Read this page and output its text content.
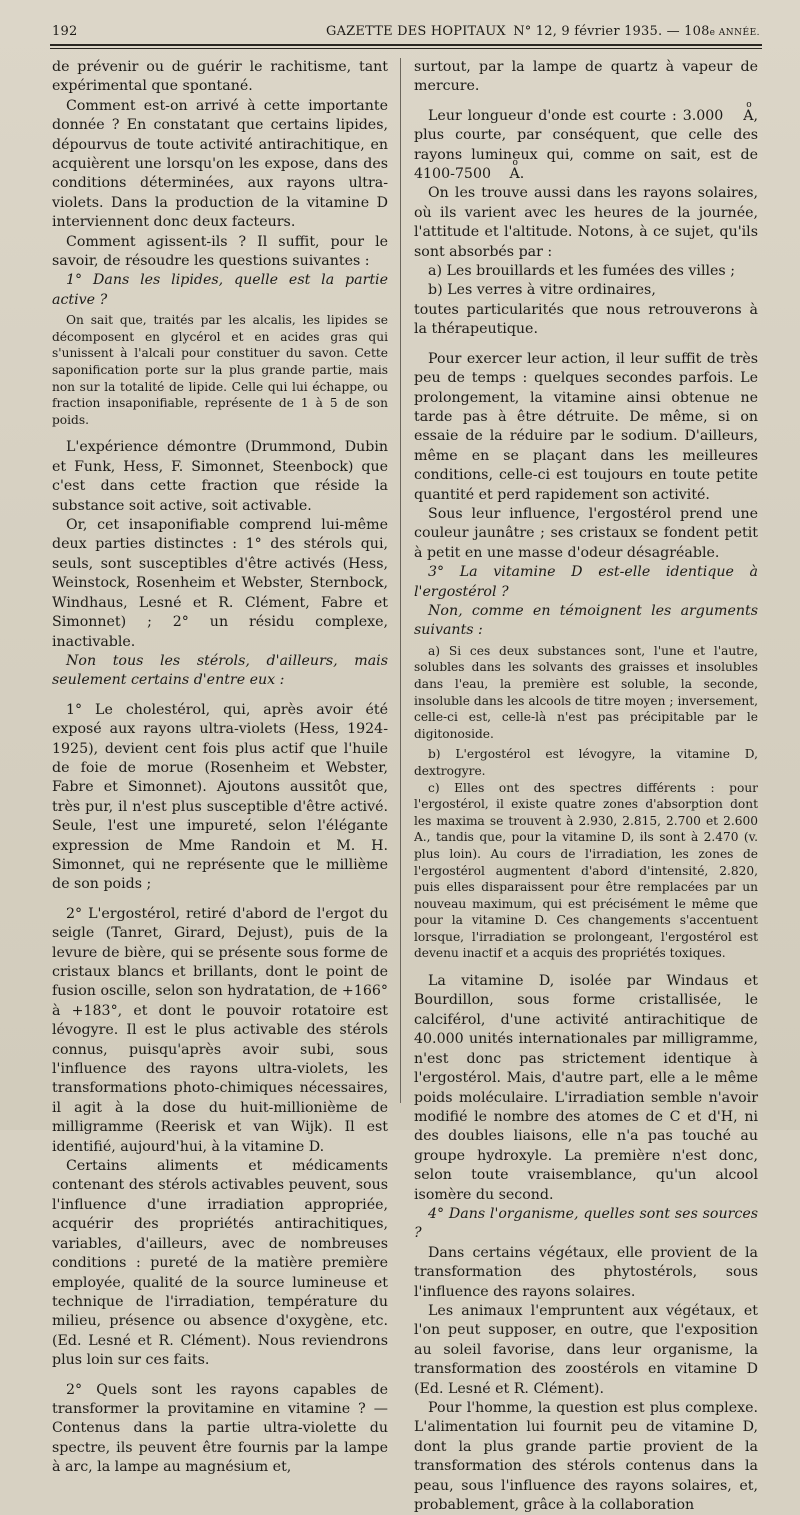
192	GAZETTE DES HOPITAUX N° 12, 9 février 1935. — 108e ANNÉE.

de prévenir ou de guérir le rachitisme, tant expérimental que spontané.

Comment est-on arrivé à cette importante donnée ? En constatant que certains lipides, dépourvus de toute activité antirachitique, en acquièrent une lorsqu'on les expose, dans des conditions déterminées, aux rayons ultra-violets. Dans la production de la vitamine D interviennent donc deux facteurs.

Comment agissent-ils ? Il suffit, pour le savoir, de résoudre les questions suivantes :

1° Dans les lipides, quelle est la partie active ?

On sait que, traités par les alcalis, les lipides se décomposent en glycérol et en acides gras qui s'unissent à l'alcali pour constituer du savon. Cette saponification porte sur la plus grande partie, mais non sur la totalité de lipide. Celle qui lui échappe, ou fraction insaponifiable, représente de 1 à 5 de son poids.

L'expérience démontre (Drummond, Dubin et Funk, Hess, F. Simonnet, Steenbock) que c'est dans cette fraction que réside la substance soit active, soit activable.

Or, cet insaponifiable comprend lui-même deux parties distinctes : 1° des stérols qui, seuls, sont susceptibles d'être activés (Hess, Weinstock, Rosenheim et Webster, Sternbock, Windhaus, Lesné et R. Clément, Fabre et Simonnet) ; 2° un résidu complexe, inactivable.

Non tous les stérols, d'ailleurs, mais seulement certains d'entre eux :

1° Le cholestérol, qui, après avoir été exposé aux rayons ultra-violets (Hess, 1924-1925), devient cent fois plus actif que l'huile de foie de morue (Rosenheim et Webster, Fabre et Simonnet). Ajoutons aussitôt que, très pur, il n'est plus susceptible d'être activé. Seule, l'est une impureté, selon l'élégante expression de Mme Randoin et M. H. Simonnet, qui ne représente que le millième de son poids ;

2° L'ergostérol, retiré d'abord de l'ergot du seigle (Tanret, Girard, Dejust), puis de la levure de bière, qui se présente sous forme de cristaux blancs et brillants, dont le point de fusion oscille, selon son hydratation, de +166° à +183°, et dont le pouvoir rotatoire est lévogyre. Il est le plus activable des stérols connus, puisqu'après avoir subi, sous l'influence des rayons ultra-violets, les transformations photo-chimiques nécessaires, il agit à la dose du huit-millionième de milligramme (Reerisk et van Wijk). Il est identifié, aujourd'hui, à la vitamine D.

Certains aliments et médicaments contenant des stérols activables peuvent, sous l'influence d'une irradiation appropriée, acquérir des propriétés antirachitiques, variables, d'ailleurs, avec de nombreuses conditions : pureté de la matière première employée, qualité de la source lumineuse et technique de l'irradiation, température du milieu, présence ou absence d'oxygène, etc. (Ed. Lesné et R. Clément). Nous reviendrons plus loin sur ces faits.

2° Quels sont les rayons capables de transformer la provitamine en vitamine ? — Contenus dans la partie ultra-violette du spectre, ils peuvent être fournis par la lampe à arc, la lampe au magnésium et,

surtout, par la lampe de quartz à vapeur de mercure.

Leur longueur d'onde est courte : 3.000 o A, plus courte, par conséquent, que celle des rayons lumineux qui, comme on sait, est de 4100-7500 o A.

On les trouve aussi dans les rayons solaires, où ils varient avec les heures de la journée, l'attitude et l'altitude. Notons, à ce sujet, qu'ils sont absorbés par :

a) Les brouillards et les fumées des villes ;

b) Les verres à vitre ordinaires,

toutes particularités que nous retrouverons à la thérapeutique.

Pour exercer leur action, il leur suffit de très peu de temps : quelques secondes parfois. Le prolongement, la vitamine ainsi obtenue ne tarde pas à être détruite. De même, si on essaie de la réduire par le sodium. D'ailleurs, même en se plaçant dans les meilleures conditions, celle-ci est toujours en toute petite quantité et perd rapidement son activité.

Sous leur influence, l'ergostérol prend une couleur jaunâtre ; ses cristaux se fondent petit à petit en une masse d'odeur désagréable.

3° La vitamine D est-elle identique à l'ergostérol ?

Non, comme en témoignent les arguments suivants :

a) Si ces deux substances sont, l'une et l'autre, solubles dans les solvants des graisses et insolubles dans l'eau, la première est soluble, la seconde, insoluble dans les alcools de titre moyen ; inversement, celle-ci est, celle-là n'est pas précipitable par le digitonoside.

b) L'ergostérol est lévogyre, la vitamine D, dextrogyre.

c) Elles ont des spectres différents : pour l'ergostérol, il existe quatre zones d'absorption dont les maxima se trouvent à 2.930, 2.815, 2.700 et 2.600 A., tandis que, pour la vitamine D, ils sont à 2.470 (v. plus loin). Au cours de l'irradiation, les zones de l'ergostérol augmentent d'abord d'intensité, 2.820, puis elles disparaissent pour être remplacées par un nouveau maximum, qui est précisément le même que pour la vitamine D. Ces changements s'accentuent lorsque, l'irradiation se prolongeant, l'ergostérol est devenu inactif et a acquis des propriétés toxiques.

La vitamine D, isolée par Windaus et Bourdillon, sous forme cristallisée, le calciférol, d'une activité antirachitique de 40.000 unités internationales par milligramme, n'est donc pas strictement identique à l'ergostérol. Mais, d'autre part, elle a le même poids moléculaire. L'irradiation semble n'avoir modifié le nombre des atomes de C et d'H, ni des doubles liaisons, elle n'a pas touché au groupe hydroxyle. La première n'est donc, selon toute vraisemblance, qu'un alcool isomère du second.

4° Dans l'organisme, quelles sont ses sources ?

Dans certains végétaux, elle provient de la transformation des phytostérols, sous l'influence des rayons solaires.

Les animaux l'empruntent aux végétaux, et l'on peut supposer, en outre, que l'exposition au soleil favorise, dans leur organisme, la transformation des zoostérols en vitamine D (Ed. Lesné et R. Clément).

Pour l'homme, la question est plus complexe. L'alimentation lui fournit peu de vitamine D, dont la plus grande partie provient de la transformation des stérols contenus dans la peau, sous l'influence des rayons solaires, et, probablement, grâce à la collaboration
